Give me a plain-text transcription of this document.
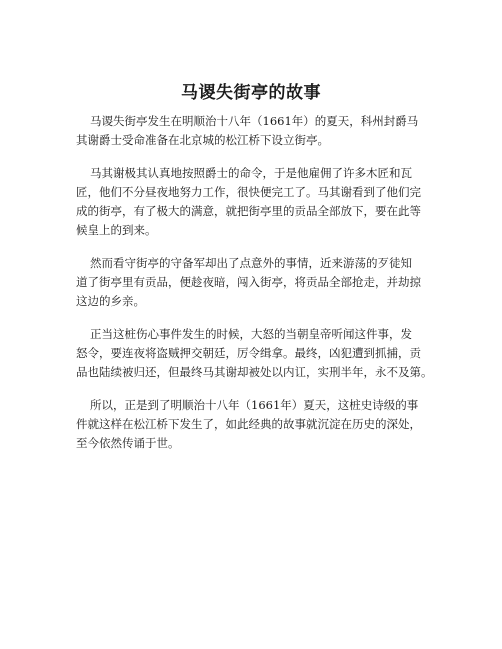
马谡失街亭的故事

马谡失街亭发生在明顺治十八年（1661年）的夏天，科州封爵马
其谢爵士受命准备在北京城的松江桥下设立街亭。

马其谢极其认真地按照爵士的命令，于是他雇佣了许多木匠和瓦
匠，他们不分昼夜地努力工作，很快便完工了。马其谢看到了他们完
成的街亭，有了极大的满意，就把街亭里的贡品全部放下，要在此等
候皇上的到来。

然而看守街亭的守备军却出了点意外的事情，近来游荡的歹徒知
道了街亭里有贡品，便趁夜暗，闯入街亭，将贡品全部抢走，并劫掠
这边的乡亲。

正当这桩伤心事件发生的时候，大怒的当朝皇帝听闻这件事，发
怒令，要连夜将盗贼押交朝廷，厉令缉拿。最终，凶犯遭到抓捕，贡
品也陆续被归还，但最终马其谢却被处以内讧，实刑半年，永不及第。

所以，正是到了明顺治十八年（1661年）夏天，这桩史诗级的事
件就这样在松江桥下发生了，如此经典的故事就沉淀在历史的深处，
至今依然传诵于世。
